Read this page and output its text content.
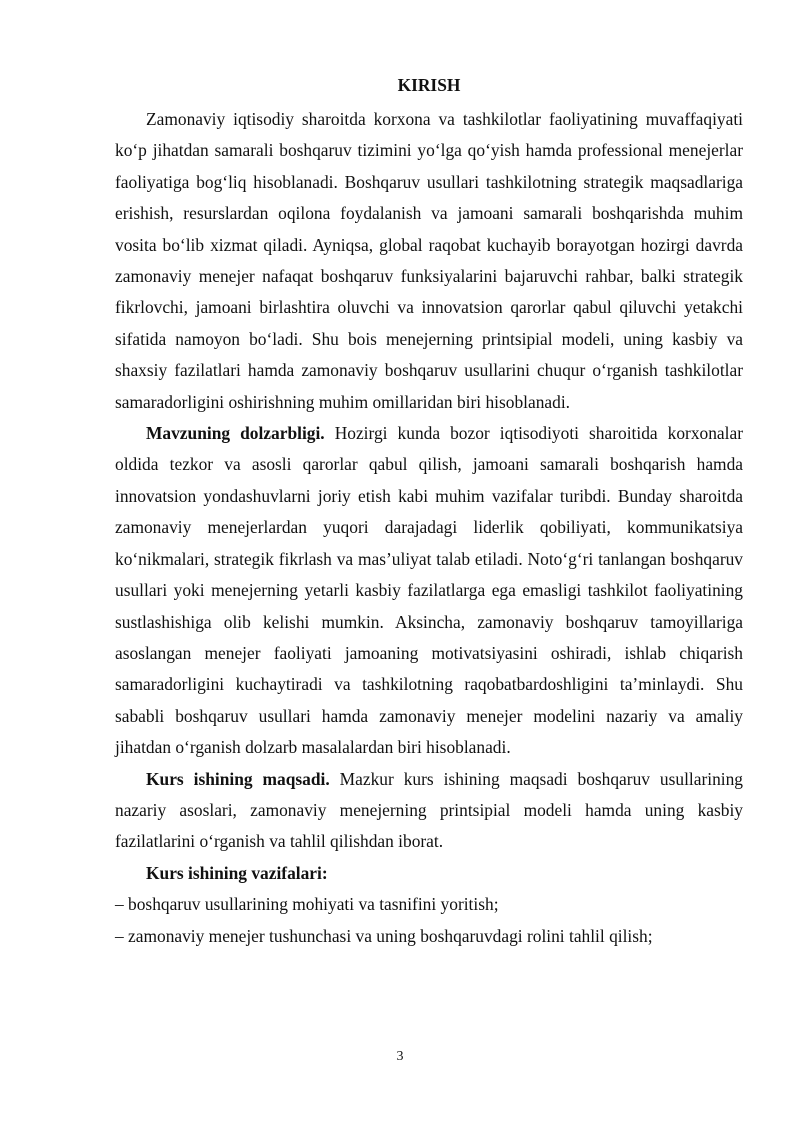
KIRISH

Zamonaviy iqtisodiy sharoitda korxona va tashkilotlar faoliyatining muvaffaqiyati ko‘p jihatdan samarali boshqaruv tizimini yo‘lga qo‘yish hamda professional menejerlar faoliyatiga bog‘liq hisoblanadi. Boshqaruv usullari tashkilotning strategik maqsadlariga erishish, resurslardan oqilona foydalanish va jamoani samarali boshqarishda muhim vosita bo‘lib xizmat qiladi. Ayniqsa, global raqobat kuchayib borayotgan hozirgi davrda zamonaviy menejer nafaqat boshqaruv funksiyalarini bajaruvchi rahbar, balki strategik fikrlovchi, jamoani birlashtira oluvchi va innovatsion qarorlar qabul qiluvchi yetakchi sifatida namoyon bo‘ladi. Shu bois menejerning printsipial modeli, uning kasbiy va shaxsiy fazilatlari hamda zamonaviy boshqaruv usullarini chuqur o‘rganish tashkilotlar samaradorligini oshirishning muhim omillaridan biri hisoblanadi.

Mavzuning dolzarbligi. Hozirgi kunda bozor iqtisodiyoti sharoitida korxonalar oldida tezkor va asosli qarorlar qabul qilish, jamoani samarali boshqarish hamda innovatsion yondashuvlarni joriy etish kabi muhim vazifalar turibdi. Bunday sharoitda zamonaviy menejerlardan yuqori darajadagi liderlik qobiliyati, kommunikatsiya ko‘nikmalari, strategik fikrlash va mas’uliyat talab etiladi. Noto‘g‘ri tanlangan boshqaruv usullari yoki menejerning yetarli kasbiy fazilatlarga ega emasligi tashkilot faoliyatining sustlashishiga olib kelishi mumkin. Aksincha, zamonaviy boshqaruv tamoyillariga asoslangan menejer faoliyati jamoaning motivatsiyasini oshiradi, ishlab chiqarish samaradorligini kuchaytiradi va tashkilotning raqobatbardoshligini ta’minlaydi. Shu sababli boshqaruv usullari hamda zamonaviy menejer modelini nazariy va amaliy jihatdan o‘rganish dolzarb masalalardan biri hisoblanadi.

Kurs ishining maqsadi. Mazkur kurs ishining maqsadi boshqaruv usullarining nazariy asoslari, zamonaviy menejerning printsipial modeli hamda uning kasbiy fazilatlarini o‘rganish va tahlil qilishdan iborat.

Kurs ishining vazifalari:

– boshqaruv usullarining mohiyati va tasnifini yoritish;

– zamonaviy menejer tushunchasi va uning boshqaruvdagi rolini tahlil qilish;

3
